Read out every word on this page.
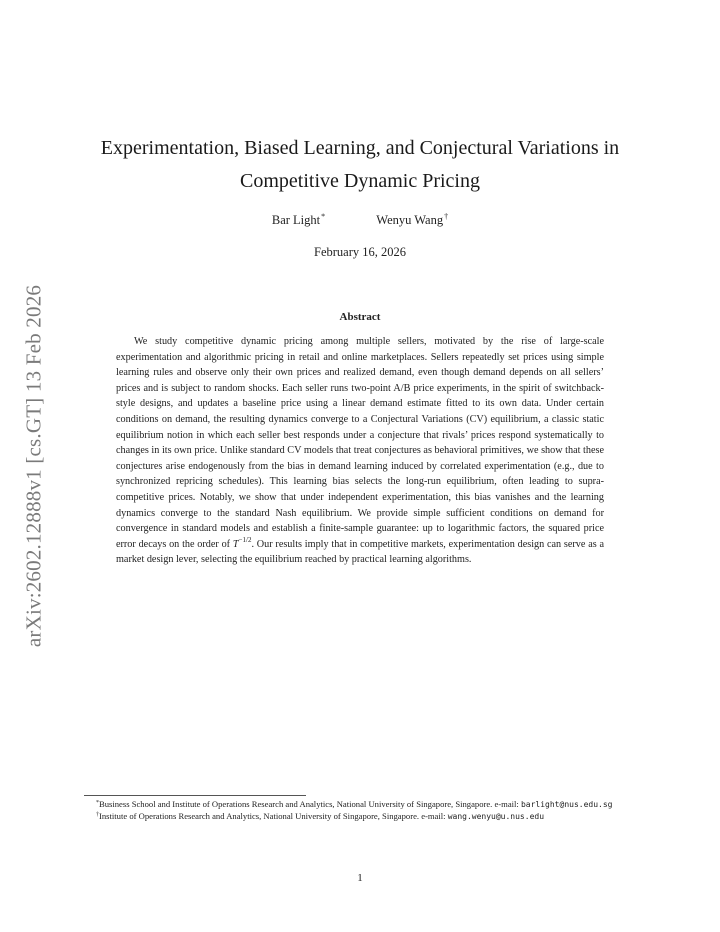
arXiv:2602.12888v1 [cs.GT] 13 Feb 2026
Experimentation, Biased Learning, and Conjectural Variations in Competitive Dynamic Pricing
Bar Light*	Wenyu Wang†
February 16, 2026
Abstract

We study competitive dynamic pricing among multiple sellers, motivated by the rise of large-scale experimentation and algorithmic pricing in retail and online marketplaces. Sellers repeatedly set prices using simple learning rules and observe only their own prices and realized demand, even though demand depends on all sellers’ prices and is subject to random shocks. Each seller runs two-point A/B price experiments, in the spirit of switchback-style designs, and updates a baseline price using a linear demand estimate fitted to its own data. Under certain conditions on demand, the resulting dynamics converge to a Conjectural Variations (CV) equilibrium, a classic static equilibrium notion in which each seller best responds under a conjecture that rivals’ prices respond systematically to changes in its own price. Unlike standard CV models that treat conjectures as behavioral primitives, we show that these conjectures arise endogenously from the bias in demand learning induced by correlated experimentation (e.g., due to synchronized repricing schedules). This learning bias selects the long-run equilibrium, often leading to supra-competitive prices. Notably, we show that under independent experimentation, this bias vanishes and the learning dynamics converge to the standard Nash equilibrium. We provide simple sufficient conditions on demand for convergence in standard models and establish a finite-sample guarantee: up to logarithmic factors, the squared price error decays on the order of $T^{-1/2}$. Our results imply that in competitive markets, experimentation design can serve as a market design lever, selecting the equilibrium reached by practical learning algorithms.

*Business School and Institute of Operations Research and Analytics, National University of Singapore, Singapore. e-mail: barlight@nus.edu.sg

†Institute of Operations Research and Analytics, National University of Singapore, Singapore. e-mail: wang.wenyu@u.nus.edu

1
